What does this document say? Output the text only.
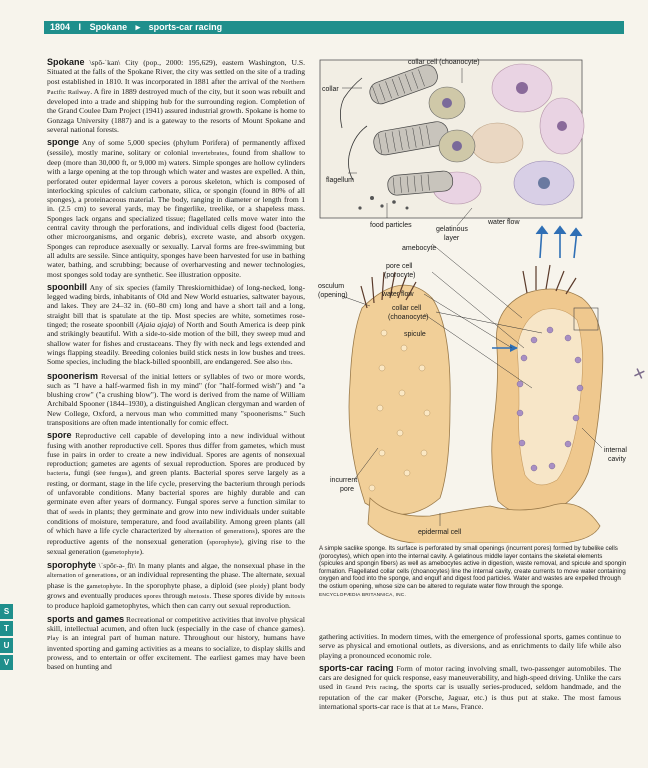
1804 I Spokane ▸ sports-car racing

Spokane \spō-ˈkan\ City (pop., 2000: 195,629), eastern Washington, U.S. Situated at the falls of the Spokane River, the city was settled on the site of a trading post established in 1810. It was incorporated in 1881 after the arrival of the Northern Pacific Railway. A fire in 1889 destroyed much of the city, but it soon was rebuilt and developed into a trade and shipping hub for the surrounding region. Completion of the Grand Coulee Dam Project (1941) assured industrial growth. Spokane is home to Gonzaga University (1887) and is a gateway to the resorts of Mount Spokane and several national forests.

sponge Any of some 5,000 species (phylum Porifera) of permanently affixed (sessile), mostly marine, solitary or colonial invertebrates, found from shallow to deep (more than 30,000 ft, or 9,000 m) waters. Simple sponges are hollow cylinders with a large opening at the top through which water and wastes are expelled. A thin, perforated outer epidermal layer covers a porous skeleton, which is composed of interlocking spicules of calcium carbonate, silica, or spongin (found in 80% of all sponges), a proteinaceous material. The body, ranging in diameter or length from 1 in. (2.5 cm) to several yards, may be fingerlike, treelike, or a shapeless mass. Sponges lack organs and specialized tissue; flagellated cells move water into the central cavity through the perforations, and individual cells digest food (bacteria, other microorganisms, and organic debris), excrete waste, and absorb oxygen. Sponges can reproduce asexually or sexually. Larval forms are free-swimming but all adults are sessile. Since antiquity, sponges have been harvested for use in bathing water, bathing, and scrubbing; because of overharvesting and newer technologies, most sponges sold today are synthetic. See illustration opposite.

spoonbill Any of six species (family Threskiornithidae) of long-necked, long-legged wading birds, inhabitants of Old and New World estuaries, saltwater bayous, and lakes. They are 24–32 in. (60–80 cm) long and have a short tail and a long, straight bill that is spatulate at the tip. Most species are white, sometimes rose-tinged; the roseate spoonbill (Ajaia ajaja) of North and South America is deep pink and strikingly beautiful. With a side-to-side motion of the bill, they sweep mud and shallow water for fishes and crustaceans. They fly with neck and legs extended and wings flapping steadily. Breeding colonies build stick nests in low bushes and trees. Some species, including the black-billed spoonbill, are endangered. See also ibis.

spoonerism Reversal of the initial letters or syllables of two or more words, such as "I have a half-warmed fish in my mind" (for "half-formed wish") and "a blushing crow" ("a crushing blow"). The word is derived from the name of William Archibald Spooner (1844–1930), a distinguished Anglican clergyman and warden of New College, Oxford, a nervous man who committed many "spoonerisms." Such transpositions are often made intentionally for comic effect.

spore Reproductive cell capable of developing into a new individual without fusing with another reproductive cell. Spores thus differ from gametes, which must fuse in pairs in order to create a new individual. Spores are agents of nonsexual reproduction; gametes are agents of sexual reproduction. Spores are produced by bacteria, fungi (see fungus), and green plants. Bacterial spores serve largely as a resting, or dormant, stage in the life cycle, preserving the bacterium through periods of unfavorable conditions. Many bacterial spores are highly durable and can germinate even after years of dormancy. Fungal spores serve a function similar to that of seeds in plants; they germinate and grow into new individuals under suitable conditions of moisture, temperature, and food availability. Among green plants (all of which have a life cycle characterized by alternation of generations), spores are the reproductive agents of the nonsexual generation (sporophyte), giving rise to the sexual generation (gametophyte).

sporophyte \ˈspōr-ə-ˌfīt\ In many plants and algae, the nonsexual phase in the alternation of generations, or an individual representing the phase. The alternate, sexual phase is the gametophyte. In the sporophyte phase, a diploid (see ploidy) plant body grows and eventually produces spores through meiosis. These spores divide by mitosis to produce haploid gametophytes, which then can carry out sexual reproduction.

sports and games Recreational or competitive activities that involve physical skill, intellectual acumen, and often luck (especially in the case of chance games). Play is an integral part of human nature. Throughout our history, humans have invented sporting and gaming activities as a means to socialize, to display skills and prowess, and to entertain or offer excitement. The earliest games may have been based on hunting and

S
T
U
V
collar cell (choanocyte)
collar
flagellum
food particles
gelatinous
layer
water flow
amebocyte
pore cell
(porocyte)
osculum
(opening)	water flow
collar cell
(choanocyte)
spicule
internal
cavity
incurrent
pore
epidermal cell
A simple saclike sponge. Its surface is perforated by small openings (incurrent pores) formed by tubelike cells (porocytes), which open into the internal cavity. A gelatinous middle layer contains the skeletal elements (spicules and spongin fibers) as well as amebocytes active in digestion, waste removal, and spicule and spongin formation. Flagellated collar cells (choanocytes) line the internal cavity, create currents to move water containing oxygen and food into the sponge, and engulf and digest food particles. Water and wastes are expelled through the ostium opening, whose size can be altered to regulate water flow through the sponge.
ENCYCLOPÆDIA BRITANNICA, INC.

gathering activities. In modern times, with the emergence of professional sports, games continue to serve as physical and emotional outlets, as diversions, and as enrichments to daily life while also playing a pronounced economic role.

sports-car racing Form of motor racing involving small, two-passenger automobiles. The cars are designed for quick response, easy maneuverability, and high-speed driving. Unlike the cars used in Grand Prix racing, the sports car is usually series-produced, seldom handmade, and the reputation of the car maker (Porsche, Jaguar, etc.) is thus put at stake. The most famous international sports-car race is that at Le Mans, France.

✕
